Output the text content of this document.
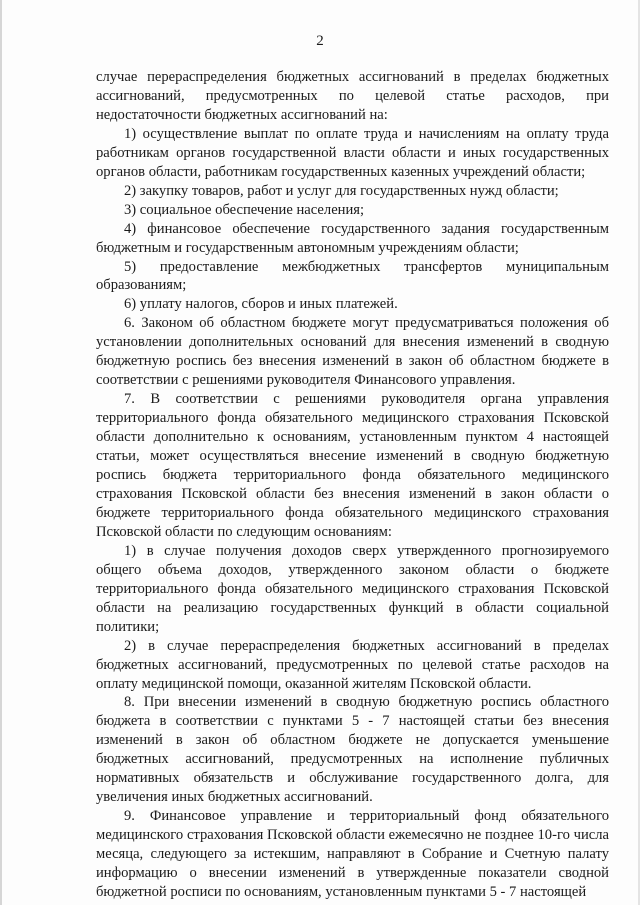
2

случае перераспределения бюджетных ассигнований в пределах бюджетных ассигнований, предусмотренных по целевой статье расходов, при недостаточности бюджетных ассигнований на:

1) осуществление выплат по оплате труда и начислениям на оплату труда работникам органов государственной власти области и иных государственных органов области, работникам государственных казенных учреждений области;

2) закупку товаров, работ и услуг для государственных нужд области;

3) социальное обеспечение населения;

4) финансовое обеспечение государственного задания государственным бюджетным и государственным автономным учреждениям области;

5) предоставление межбюджетных трансфертов муниципальным образованиям;

6) уплату налогов, сборов и иных платежей.

6. Законом об областном бюджете могут предусматриваться положения об установлении дополнительных оснований для внесения изменений в сводную бюджетную роспись без внесения изменений в закон об областном бюджете в соответствии с решениями руководителя Финансового управления.

7. В соответствии с решениями руководителя органа управления территориального фонда обязательного медицинского страхования Псковской области дополнительно к основаниям, установленным пунктом 4 настоящей статьи, может осуществляться внесение изменений в сводную бюджетную роспись бюджета территориального фонда обязательного медицинского страхования Псковской области без внесения изменений в закон области о бюджете территориального фонда обязательного медицинского страхования Псковской области по следующим основаниям:

1) в случае получения доходов сверх утвержденного прогнозируемого общего объема доходов, утвержденного законом области о бюджете территориального фонда обязательного медицинского страхования Псковской области на реализацию государственных функций в области социальной политики;

2) в случае перераспределения бюджетных ассигнований в пределах бюджетных ассигнований, предусмотренных по целевой статье расходов на оплату медицинской помощи, оказанной жителям Псковской области.

8. При внесении изменений в сводную бюджетную роспись областного бюджета в соответствии с пунктами 5 - 7 настоящей статьи без внесения изменений в закон об областном бюджете не допускается уменьшение бюджетных ассигнований, предусмотренных на исполнение публичных нормативных обязательств и обслуживание государственного долга, для увеличения иных бюджетных ассигнований.

9. Финансовое управление и территориальный фонд обязательного медицинского страхования Псковской области ежемесячно не позднее 10-го числа месяца, следующего за истекшим, направляют в Собрание и Счетную палату информацию о внесении изменений в утвержденные показатели сводной бюджетной росписи по основаниям, установленным пунктами 5 - 7 настоящей
